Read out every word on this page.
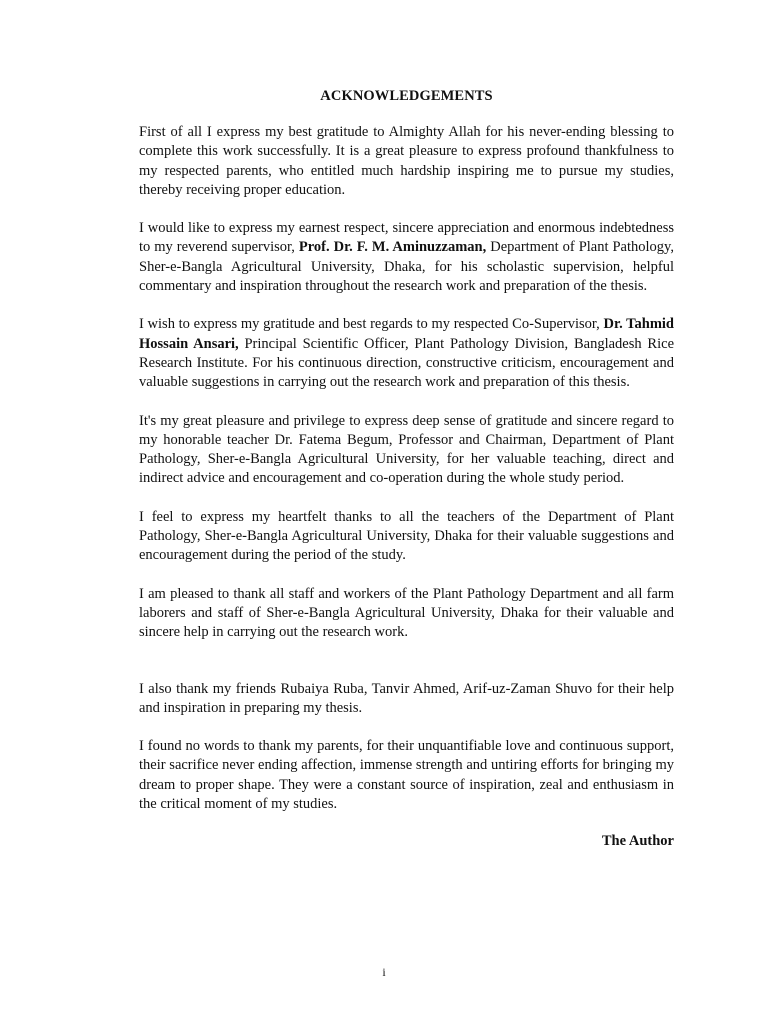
ACKNOWLEDGEMENTS

First of all I express my best gratitude to Almighty Allah for his never-ending blessing to complete this work successfully. It is a great pleasure to express profound thankfulness to my respected parents, who entitled much hardship inspiring me to pursue my studies, thereby receiving proper education.

I would like to express my earnest respect, sincere appreciation and enormous indebtedness to my reverend supervisor, Prof. Dr. F. M. Aminuzzaman, Department of Plant Pathology, Sher-e-Bangla Agricultural University, Dhaka, for his scholastic supervision, helpful commentary and inspiration throughout the research work and preparation of the thesis.

I wish to express my gratitude and best regards to my respected Co-Supervisor, Dr. Tahmid Hossain Ansari, Principal Scientific Officer, Plant Pathology Division, Bangladesh Rice Research Institute. For his continuous direction, constructive criticism, encouragement and valuable suggestions in carrying out the research work and preparation of this thesis.

It's my great pleasure and privilege to express deep sense of gratitude and sincere regard to my honorable teacher Dr. Fatema Begum, Professor and Chairman, Department of Plant Pathology, Sher-e-Bangla Agricultural University, for her valuable teaching, direct and indirect advice and encouragement and co-operation during the whole study period.

I feel to express my heartfelt thanks to all the teachers of the Department of Plant Pathology, Sher-e-Bangla Agricultural University, Dhaka for their valuable suggestions and encouragement during the period of the study.

I am pleased to thank all staff and workers of the Plant Pathology Department and all farm laborers and staff of Sher-e-Bangla Agricultural University, Dhaka for their valuable and sincere help in carrying out the research work.

I also thank my friends Rubaiya Ruba, Tanvir Ahmed, Arif-uz-Zaman Shuvo for their help and inspiration in preparing my thesis.

I found no words to thank my parents, for their unquantifiable love and continuous support, their sacrifice never ending affection, immense strength and untiring efforts for bringing my dream to proper shape. They were a constant source of inspiration, zeal and enthusiasm in the critical moment of my studies.

The Author
i
